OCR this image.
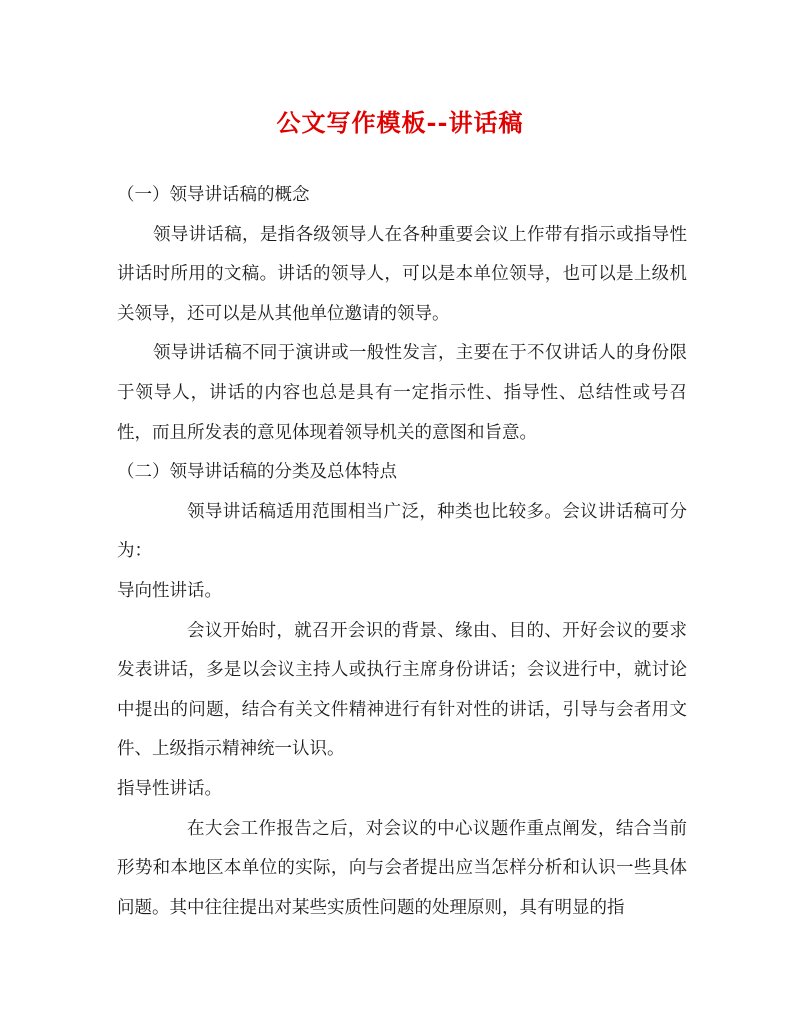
公文写作模板--讲话稿

（一）领导讲话稿的概念

领导讲话稿，是指各级领导人在各种重要会议上作带有指示或指导性讲话时所用的文稿。讲话的领导人，可以是本单位领导，也可以是上级机关领导，还可以是从其他单位邀请的领导。

领导讲话稿不同于演讲或一般性发言，主要在于不仅讲话人的身份限于领导人，讲话的内容也总是具有一定指示性、指导性、总结性或号召性，而且所发表的意见体现着领导机关的意图和旨意。

（二）领导讲话稿的分类及总体特点

领导讲话稿适用范围相当广泛，种类也比较多。会议讲话稿可分为：

导向性讲话。

会议开始时，就召开会识的背景、缘由、目的、开好会议的要求发表讲话，多是以会议主持人或执行主席身份讲话；会议进行中，就讨论中提出的问题，结合有关文件精神进行有针对性的讲话，引导与会者用文件、上级指示精神统一认识。

指导性讲话。

在大会工作报告之后，对会议的中心议题作重点阐发，结合当前形势和本地区本单位的实际，向与会者提出应当怎样分析和认识一些具体问题。其中往往提出对某些实质性问题的处理原则，具有明显的指
